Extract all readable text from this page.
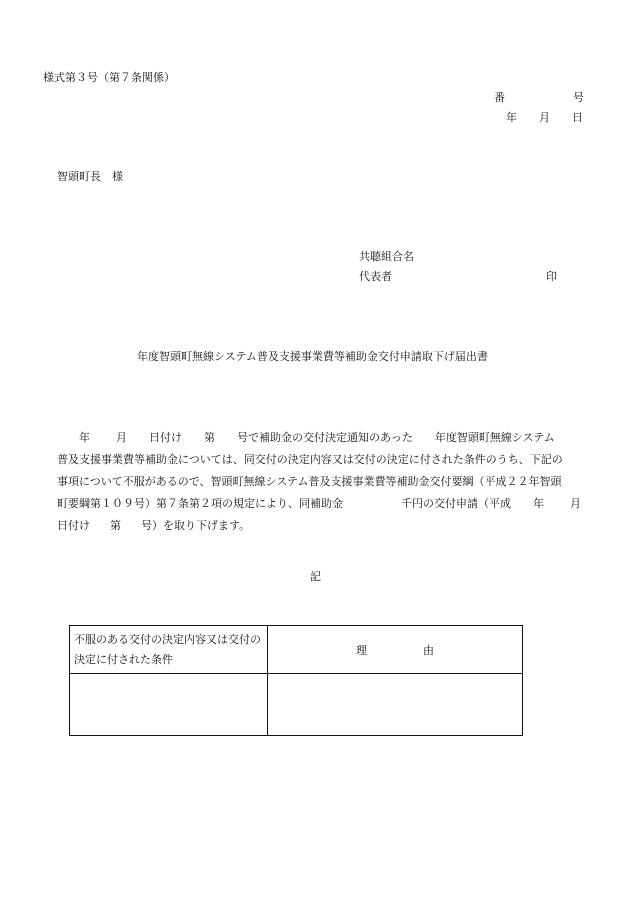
様式第３号（第７条関係）
番	号
年 月 日
智頭町長 様
共聴組合名
代表者	印
年度智頭町無線システム普及支援事業費等補助金交付申請取下げ届出書
年 月 日付け 第 号で補助金の交付決定通知のあった 年度智頭町無線システム
普及支援事業費等補助金については、同交付の決定内容又は交付の決定に付された条件のうち、下記の
事項について不服があるので、智頭町無線システム普及支援事業費等補助金交付要綱（平成２２年智頭
町要綱第１０９号）第７条第２項の規定により、同補助金	千円の交付申請（平成 年 月
日付け 第 号）を取り下げます。
記
不服のある交付の決定内容又は交付の決定に付された条件	理 由
